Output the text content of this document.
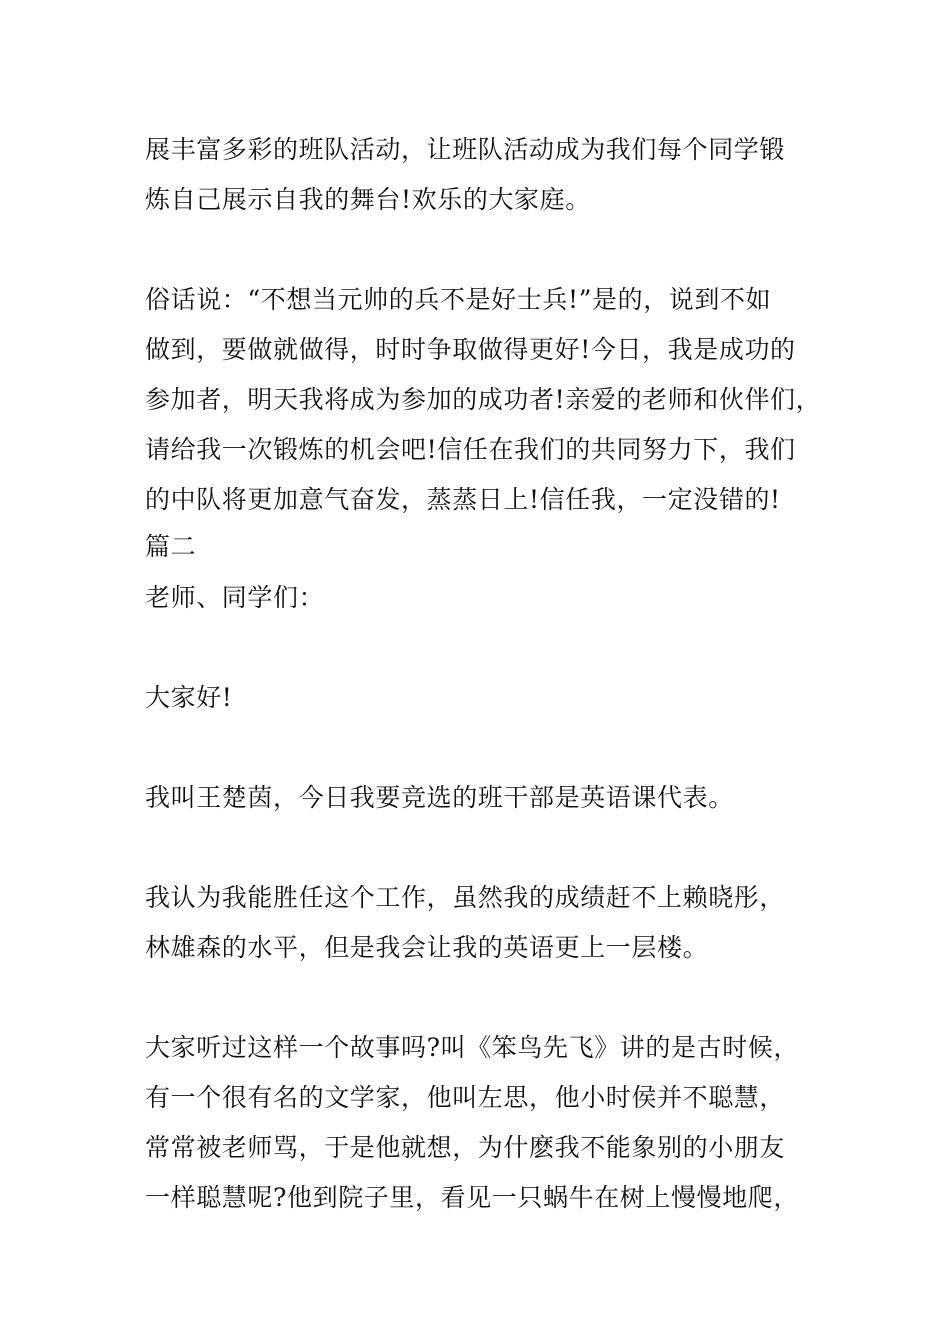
展丰富多彩的班队活动，让班队活动成为我们每个同学锻
炼自己展示自我的舞台!欢乐的大家庭。
俗话说：“不想当元帅的兵不是好士兵!”是的，说到不如
做到，要做就做得，时时争取做得更好!今日，我是成功的
参加者，明天我将成为参加的成功者!亲爱的老师和伙伴们，
请给我一次锻炼的机会吧!信任在我们的共同努力下，我们
的中队将更加意气奋发，蒸蒸日上!信任我，一定没错的!
篇二
老师、同学们：
大家好!
我叫王楚茵，今日我要竞选的班干部是英语课代表。
我认为我能胜任这个工作，虽然我的成绩赶不上赖晓彤，
林雄森的水平，但是我会让我的英语更上一层楼。
大家听过这样一个故事吗?叫《笨鸟先飞》讲的是古时候，
有一个很有名的文学家，他叫左思，他小时侯并不聪慧，
常常被老师骂，于是他就想，为什麽我不能象别的小朋友
一样聪慧呢?他到院子里，看见一只蜗牛在树上慢慢地爬，
